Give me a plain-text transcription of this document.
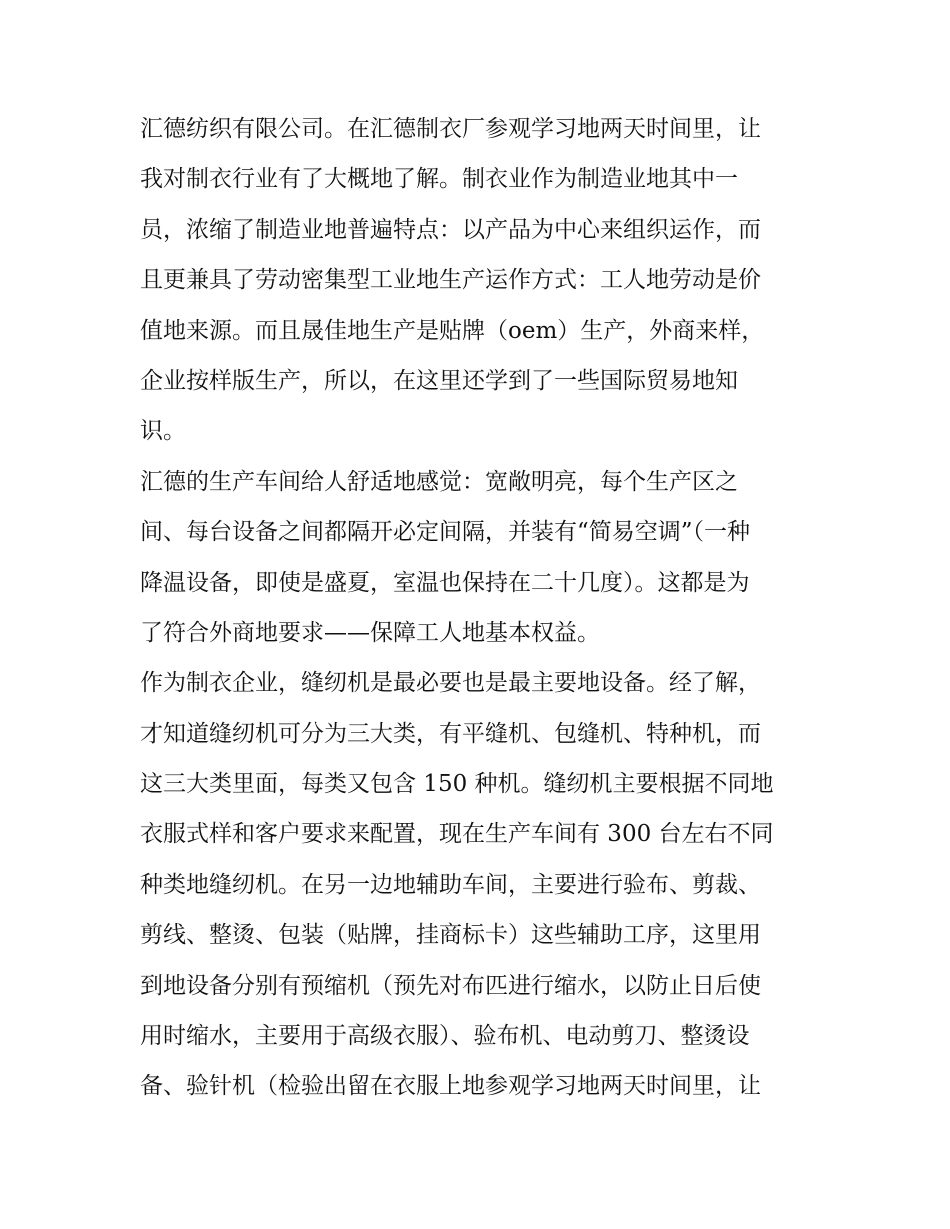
汇德纺织有限公司。在汇德制衣厂参观学习地两天时间里，让
我对制衣行业有了大概地了解。制衣业作为制造业地其中一
员，浓缩了制造业地普遍特点：以产品为中心来组织运作，而
且更兼具了劳动密集型工业地生产运作方式：工人地劳动是价
值地来源。而且晟佳地生产是贴牌（oem）生产，外商来样，
企业按样版生产，所以，在这里还学到了一些国际贸易地知
识。
汇德的生产车间给人舒适地感觉：宽敞明亮，每个生产区之
间、每台设备之间都隔开必定间隔，并装有“简易空调”（一种
降温设备，即使是盛夏，室温也保持在二十几度）。这都是为
了符合外商地要求——保障工人地基本权益。
作为制衣企业，缝纫机是最必要也是最主要地设备。经了解，
才知道缝纫机可分为三大类，有平缝机、包缝机、特种机，而
这三大类里面，每类又包含 150 种机。缝纫机主要根据不同地
衣服式样和客户要求来配置，现在生产车间有 300 台左右不同
种类地缝纫机。在另一边地辅助车间，主要进行验布、剪裁、
剪线、整烫、包装（贴牌，挂商标卡）这些辅助工序，这里用
到地设备分别有预缩机（预先对布匹进行缩水，以防止日后使
用时缩水，主要用于高级衣服）、验布机、电动剪刀、整烫设
备、验针机（检验出留在衣服上地参观学习地两天时间里，让
